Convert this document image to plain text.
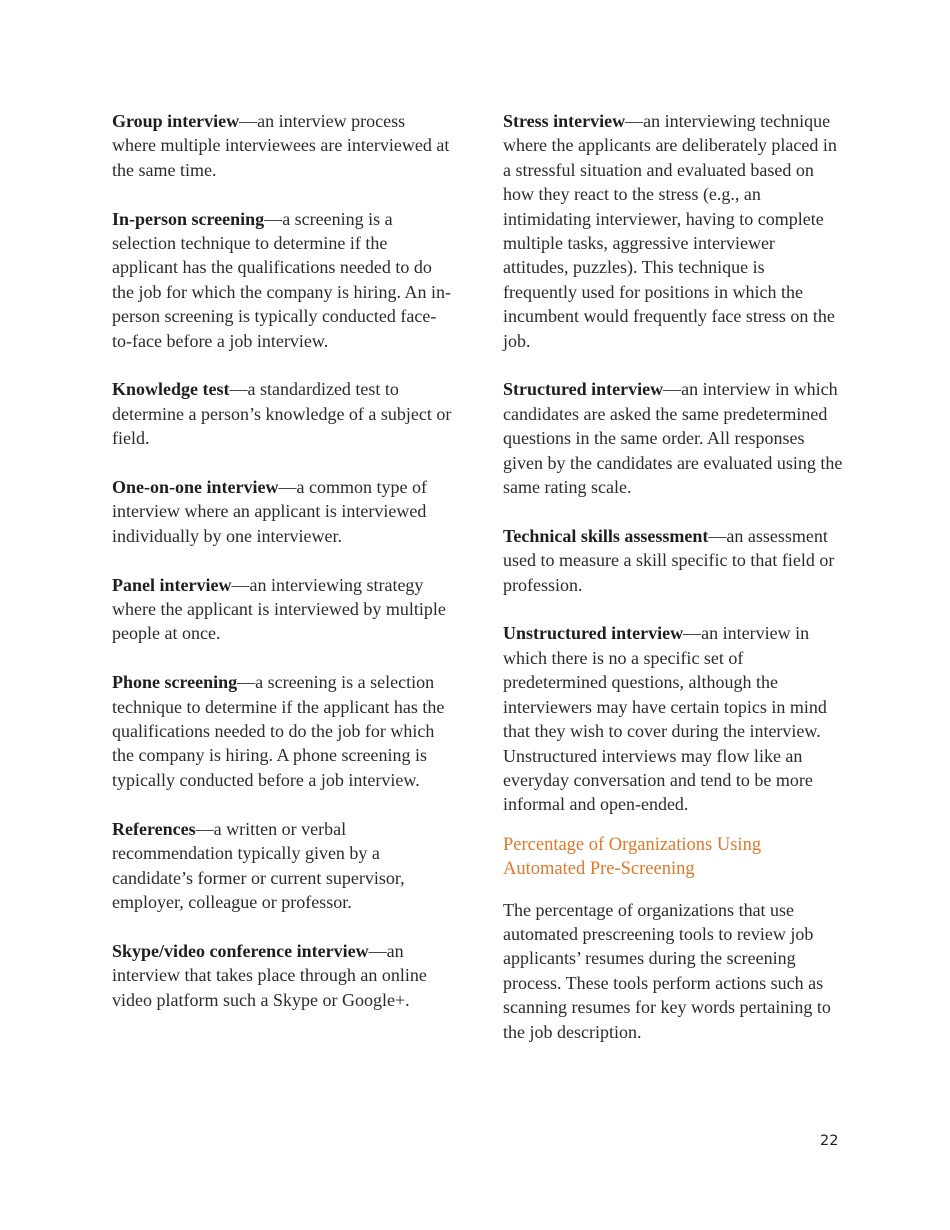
Group interview—an interview process where multiple interviewees are interviewed at the same time.

In-person screening—a screening is a selection technique to determine if the applicant has the qualifications needed to do the job for which the company is hiring. An in-person screening is typically conducted face-to-face before a job interview.

Knowledge test—a standardized test to determine a person’s knowledge of a subject or field.

One-on-one interview—a common type of interview where an applicant is interviewed individually by one interviewer.

Panel interview—an interviewing strategy where the applicant is interviewed by multiple people at once.

Phone screening—a screening is a selection technique to determine if the applicant has the qualifications needed to do the job for which the company is hiring. A phone screening is typically conducted before a job interview.

References—a written or verbal recommendation typically given by a candidate’s former or current supervisor, employer, colleague or professor.

Skype/video conference interview—an interview that takes place through an online video platform such a Skype or Google+.

Stress interview—an interviewing technique where the applicants are deliberately placed in a stressful situation and evaluated based on how they react to the stress (e.g., an intimidating interviewer, having to complete multiple tasks, aggressive interviewer attitudes, puzzles). This technique is frequently used for positions in which the incumbent would frequently face stress on the job.

Structured interview—an interview in which candidates are asked the same predetermined questions in the same order. All responses given by the candidates are evaluated using the same rating scale.

Technical skills assessment—an assessment used to measure a skill specific to that field or profession.

Unstructured interview—an interview in which there is no a specific set of predetermined questions, although the interviewers may have certain topics in mind that they wish to cover during the interview. Unstructured interviews may flow like an everyday conversation and tend to be more informal and open-ended.

Percentage of Organizations Using Automated Pre-Screening

The percentage of organizations that use automated prescreening tools to review job applicants’ resumes during the screening process. These tools perform actions such as scanning resumes for key words pertaining to the job description.

22
